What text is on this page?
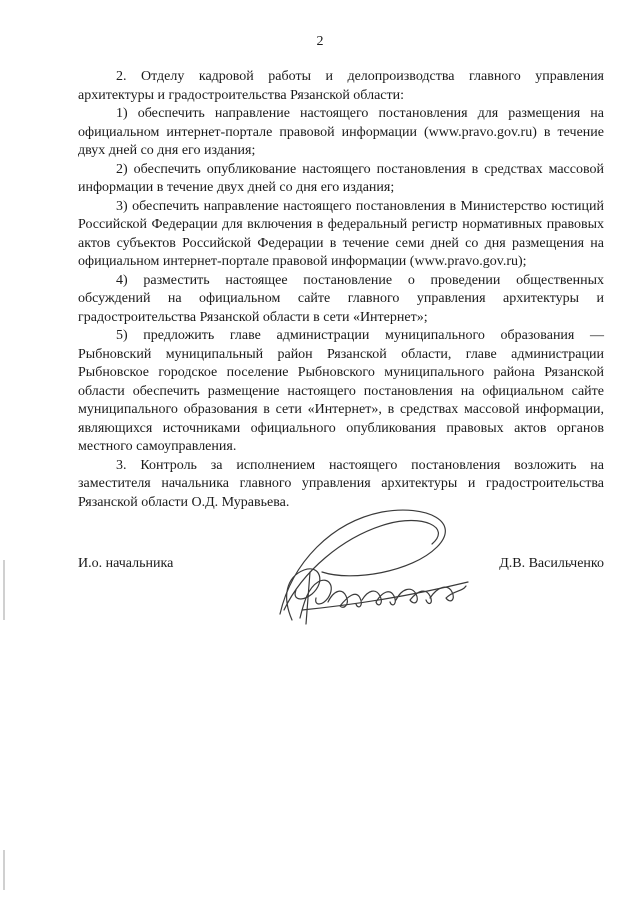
2

2. Отделу кадровой работы и делопроизводства главного управления архитектуры и градостроительства Рязанской области:

1) обеспечить направление настоящего постановления для размещения на официальном интернет-портале правовой информации (www.pravo.gov.ru) в течение двух дней со дня его издания;

2) обеспечить опубликование настоящего постановления в средствах массовой информации в течение двух дней со дня его издания;

3) обеспечить направление настоящего постановления в Министерство юстиций Российской Федерации для включения в федеральный регистр нормативных правовых актов субъектов Российской Федерации в течение семи дней со дня размещения на официальном интернет-портале правовой информации (www.pravo.gov.ru);

4) разместить настоящее постановление о проведении общественных обсуждений на официальном сайте главного управления архитектуры и градостроительства Рязанской области в сети «Интернет»;

5) предложить главе администрации муниципального образования — Рыбновский муниципальный район Рязанской области, главе администрации Рыбновское городское поселение Рыбновского муниципального района Рязанской области обеспечить размещение настоящего постановления на официальном сайте муниципального образования в сети «Интернет», в средствах массовой информации, являющихся источниками официального опубликования правовых актов органов местного самоуправления.

3. Контроль за исполнением настоящего постановления возложить на заместителя начальника главного управления архитектуры и градостроительства Рязанской области О.Д. Муравьева.

И.о. начальника	Д.В. Васильченко
